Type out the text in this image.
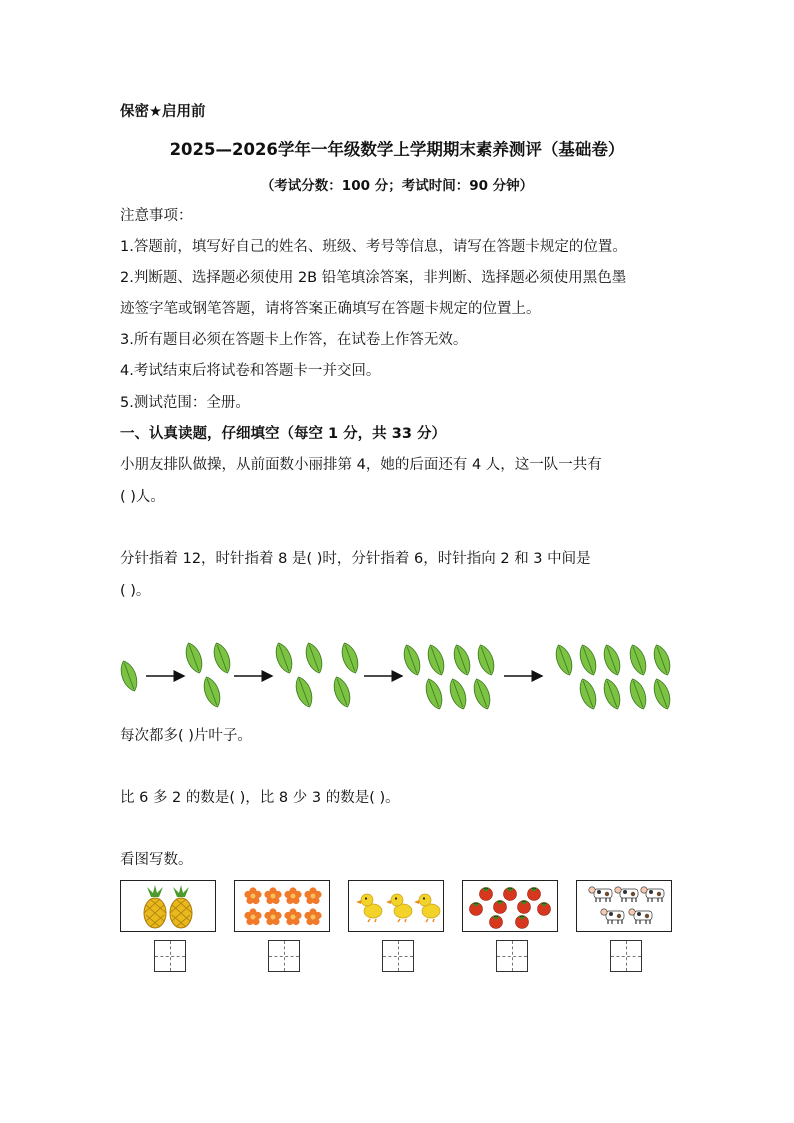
保密★启用前
2025—2026学年一年级数学上学期期末素养测评（基础卷）
（考试分数：100 分；考试时间：90 分钟）
注意事项：
1.答题前，填写好自己的姓名、班级、考号等信息，请写在答题卡规定的位置。
2.判断题、选择题必须使用 2B 铅笔填涂答案，非判断、选择题必须使用黑色墨
迹签字笔或钢笔答题，请将答案正确填写在答题卡规定的位置上。
3.所有题目必须在答题卡上作答，在试卷上作答无效。
4.考试结束后将试卷和答题卡一并交回。
5.测试范围：全册。
一、认真读题，仔细填空（每空 1 分，共 33 分）
小朋友排队做操，从前面数小丽排第 4，她的后面还有 4 人，这一队一共有
( )人。
分针指着 12，时针指着 8 是( )时，分针指着 6，时针指向 2 和 3 中间是
( )。
每次都多( )片叶子。
比 6 多 2 的数是( )，比 8 少 3 的数是( )。
看图写数。
